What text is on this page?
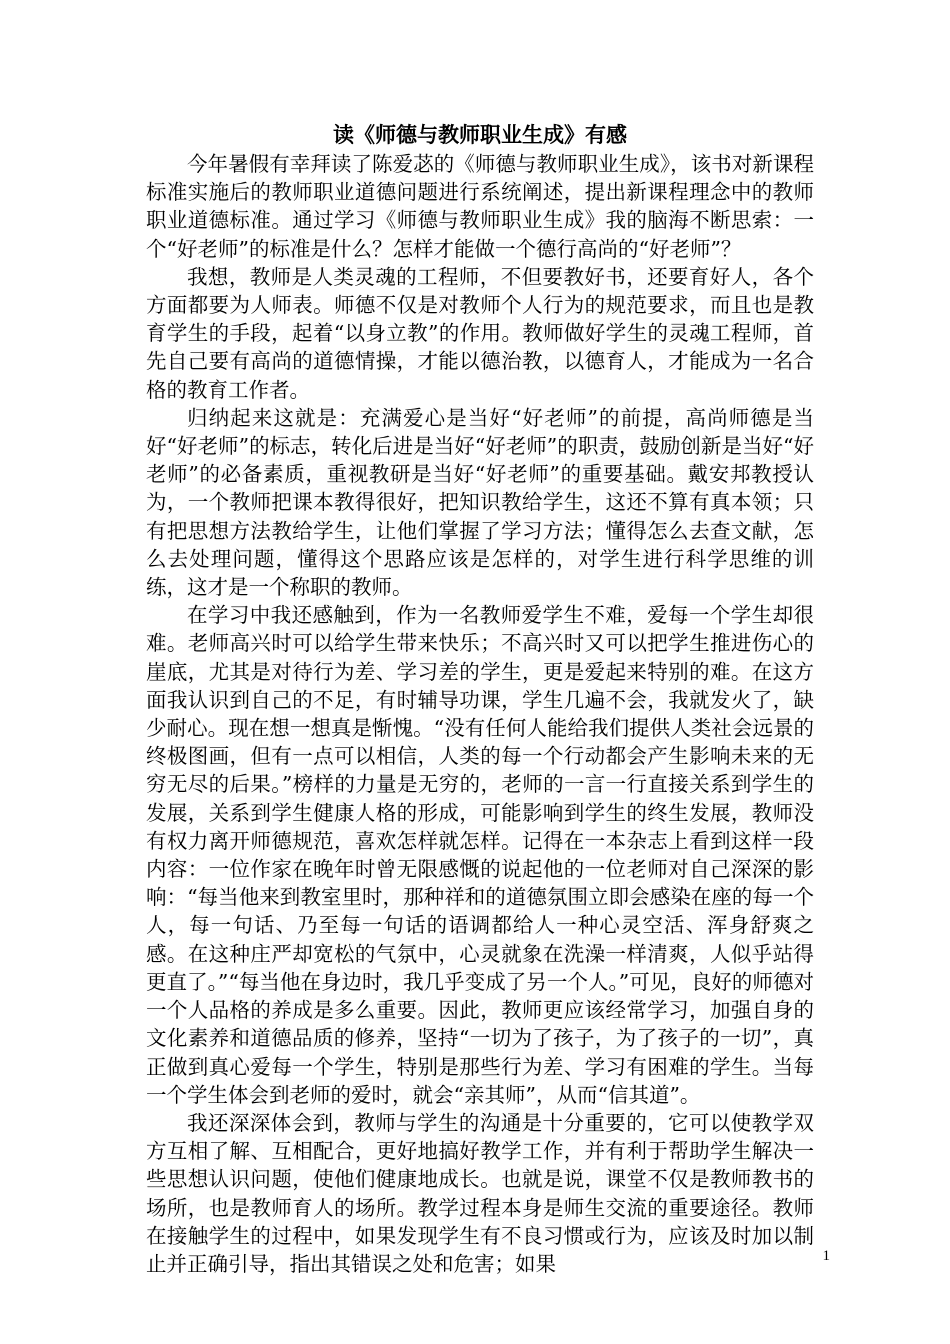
读《师德与教师职业生成》有感

今年暑假有幸拜读了陈爱苾的《师德与教师职业生成》，该书对新课程标准实施后的教师职业道德问题进行系统阐述，提出新课程理念中的教师职业道德标准。通过学习《师德与教师职业生成》我的脑海不断思索：一个“好老师”的标准是什么？怎样才能做一个德行高尚的“好老师”？

我想，教师是人类灵魂的工程师，不但要教好书，还要育好人，各个方面都要为人师表。师德不仅是对教师个人行为的规范要求，而且也是教育学生的手段，起着“以身立教”的作用。教师做好学生的灵魂工程师，首先自己要有高尚的道德情操，才能以德治教，以德育人，才能成为一名合格的教育工作者。

归纳起来这就是：充满爱心是当好“好老师”的前提，高尚师德是当好“好老师”的标志，转化后进是当好“好老师”的职责，鼓励创新是当好“好老师”的必备素质，重视教研是当好“好老师”的重要基础。戴安邦教授认为，一个教师把课本教得很好，把知识教给学生，这还不算有真本领；只有把思想方法教给学生，让他们掌握了学习方法；懂得怎么去查文献，怎么去处理问题，懂得这个思路应该是怎样的，对学生进行科学思维的训练，这才是一个称职的教师。

在学习中我还感触到，作为一名教师爱学生不难，爱每一个学生却很难。老师高兴时可以给学生带来快乐；不高兴时又可以把学生推进伤心的崖底，尤其是对待行为差、学习差的学生，更是爱起来特别的难。在这方面我认识到自己的不足，有时辅导功课，学生几遍不会，我就发火了，缺少耐心。现在想一想真是惭愧。“没有任何人能给我们提供人类社会远景的终极图画，但有一点可以相信，人类的每一个行动都会产生影响未来的无穷无尽的后果。”榜样的力量是无穷的，老师的一言一行直接关系到学生的发展，关系到学生健康人格的形成，可能影响到学生的终生发展，教师没有权力离开师德规范，喜欢怎样就怎样。记得在一本杂志上看到这样一段内容：一位作家在晚年时曾无限感慨的说起他的一位老师对自己深深的影响：“每当他来到教室里时，那种祥和的道德氛围立即会感染在座的每一个人，每一句话、乃至每一句话的语调都给人一种心灵空活、浑身舒爽之感。在这种庄严却宽松的气氛中，心灵就象在洗澡一样清爽，人似乎站得更直了。”“每当他在身边时，我几乎变成了另一个人。”可见，良好的师德对一个人品格的养成是多么重要。因此，教师更应该经常学习，加强自身的文化素养和道德品质的修养，坚持“一切为了孩子，为了孩子的一切”，真正做到真心爱每一个学生，特别是那些行为差、学习有困难的学生。当每一个学生体会到老师的爱时，就会“亲其师”，从而“信其道”。

我还深深体会到，教师与学生的沟通是十分重要的，它可以使教学双方互相了解、互相配合，更好地搞好教学工作，并有利于帮助学生解决一些思想认识问题，使他们健康地成长。也就是说，课堂不仅是教师教书的场所，也是教师育人的场所。教学过程本身是师生交流的重要途径。教师在接触学生的过程中，如果发现学生有不良习惯或行为，应该及时加以制止并正确引导，指出其错误之处和危害；如果	1
